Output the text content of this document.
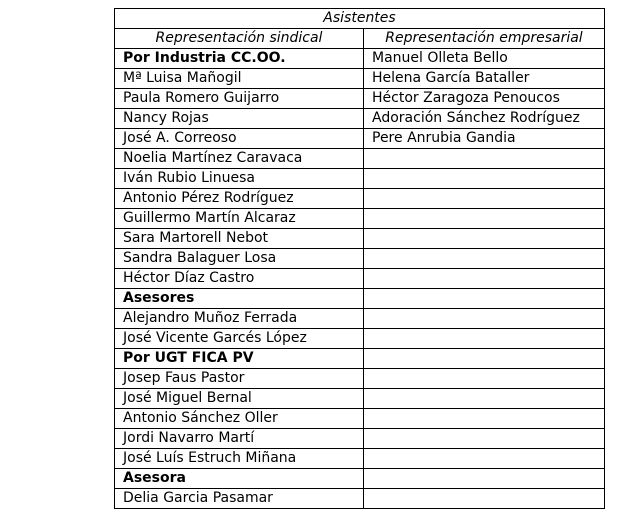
Asistentes	
Representación sindical	Representación empresarial
Por Industria CC.OO.	Manuel Olleta Bello
Mª Luisa Mañogil	Helena García Bataller
Paula Romero Guijarro	Héctor Zaragoza Penoucos
Nancy Rojas	Adoración Sánchez Rodríguez
José A. Correoso	Pere Anrubia Gandia
Noelia Martínez Caravaca	
Iván Rubio Linuesa	
Antonio Pérez Rodríguez	
Guillermo Martín Alcaraz	
Sara Martorell Nebot	
Sandra Balaguer Losa	
Héctor Díaz Castro	
Asesores	
Alejandro Muñoz Ferrada	
José Vicente Garcés López	
Por UGT FICA PV	
Josep Faus Pastor	
José Miguel Bernal	
Antonio Sánchez Oller	
Jordi Navarro Martí	
José Luís Estruch Miñana	
Asesora	
Delia Garcia Pasamar	
